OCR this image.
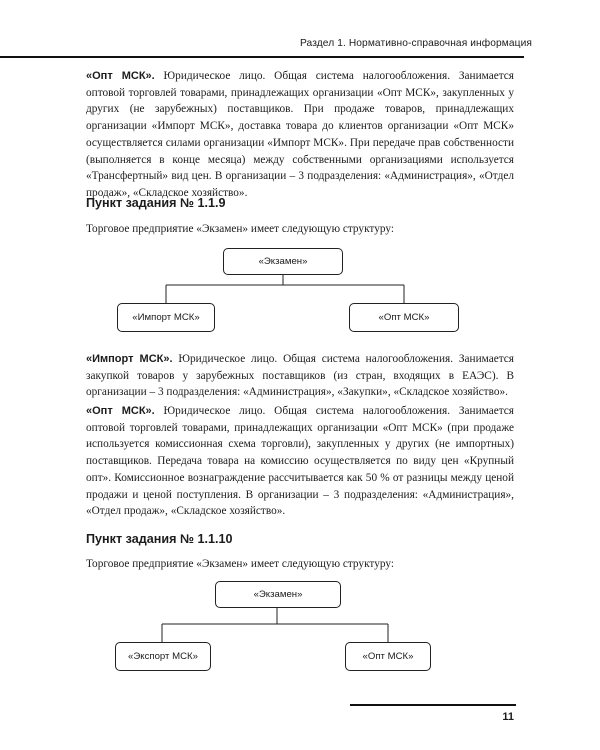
Раздел 1. Нормативно-справочная информация

«Опт МСК». Юридическое лицо. Общая система налогообложения. Занимается оптовой торговлей товарами, принадлежащих организации «Опт МСК», закупленных у других (не зарубежных) поставщиков. При продаже товаров, принадлежащих организации «Импорт МСК», доставка товара до клиентов организации «Опт МСК» осуществляется силами организации «Импорт МСК». При передаче прав собственности (выполняется в конце месяца) между собственными организациями используется «Трансфертный» вид цен. В организации – 3 подразделения: «Администрация», «Отдел продаж», «Складское хозяйство».

Пункт задания № 1.1.9
Торговое предприятие «Экзамен» имеет следующую структуру:
«Экзамен»
«Импорт МСК»	«Опт МСК»

«Импорт МСК». Юридическое лицо. Общая система налогообложения. Занимается закупкой товаров у зарубежных поставщиков (из стран, входящих в ЕАЭС). В организации – 3 подразделения: «Администрация», «Закупки», «Складское хозяйство».

«Опт МСК». Юридическое лицо. Общая система налогообложения. Занимается оптовой торговлей товарами, принадлежащих организации «Опт МСК» (при продаже используется комиссионная схема торговли), закупленных у других (не импортных) поставщиков. Передача товара на комиссию осуществляется по виду цен «Крупный опт». Комиссионное вознаграждение рассчитывается как 50 % от разницы между ценой продажи и ценой поступления. В организации – 3 подразделения: «Администрация», «Отдел продаж», «Складское хозяйство».

Пункт задания № 1.1.10
Торговое предприятие «Экзамен» имеет следующую структуру:
«Экзамен»
«Экспорт МСК»	«Опт МСК»
11
